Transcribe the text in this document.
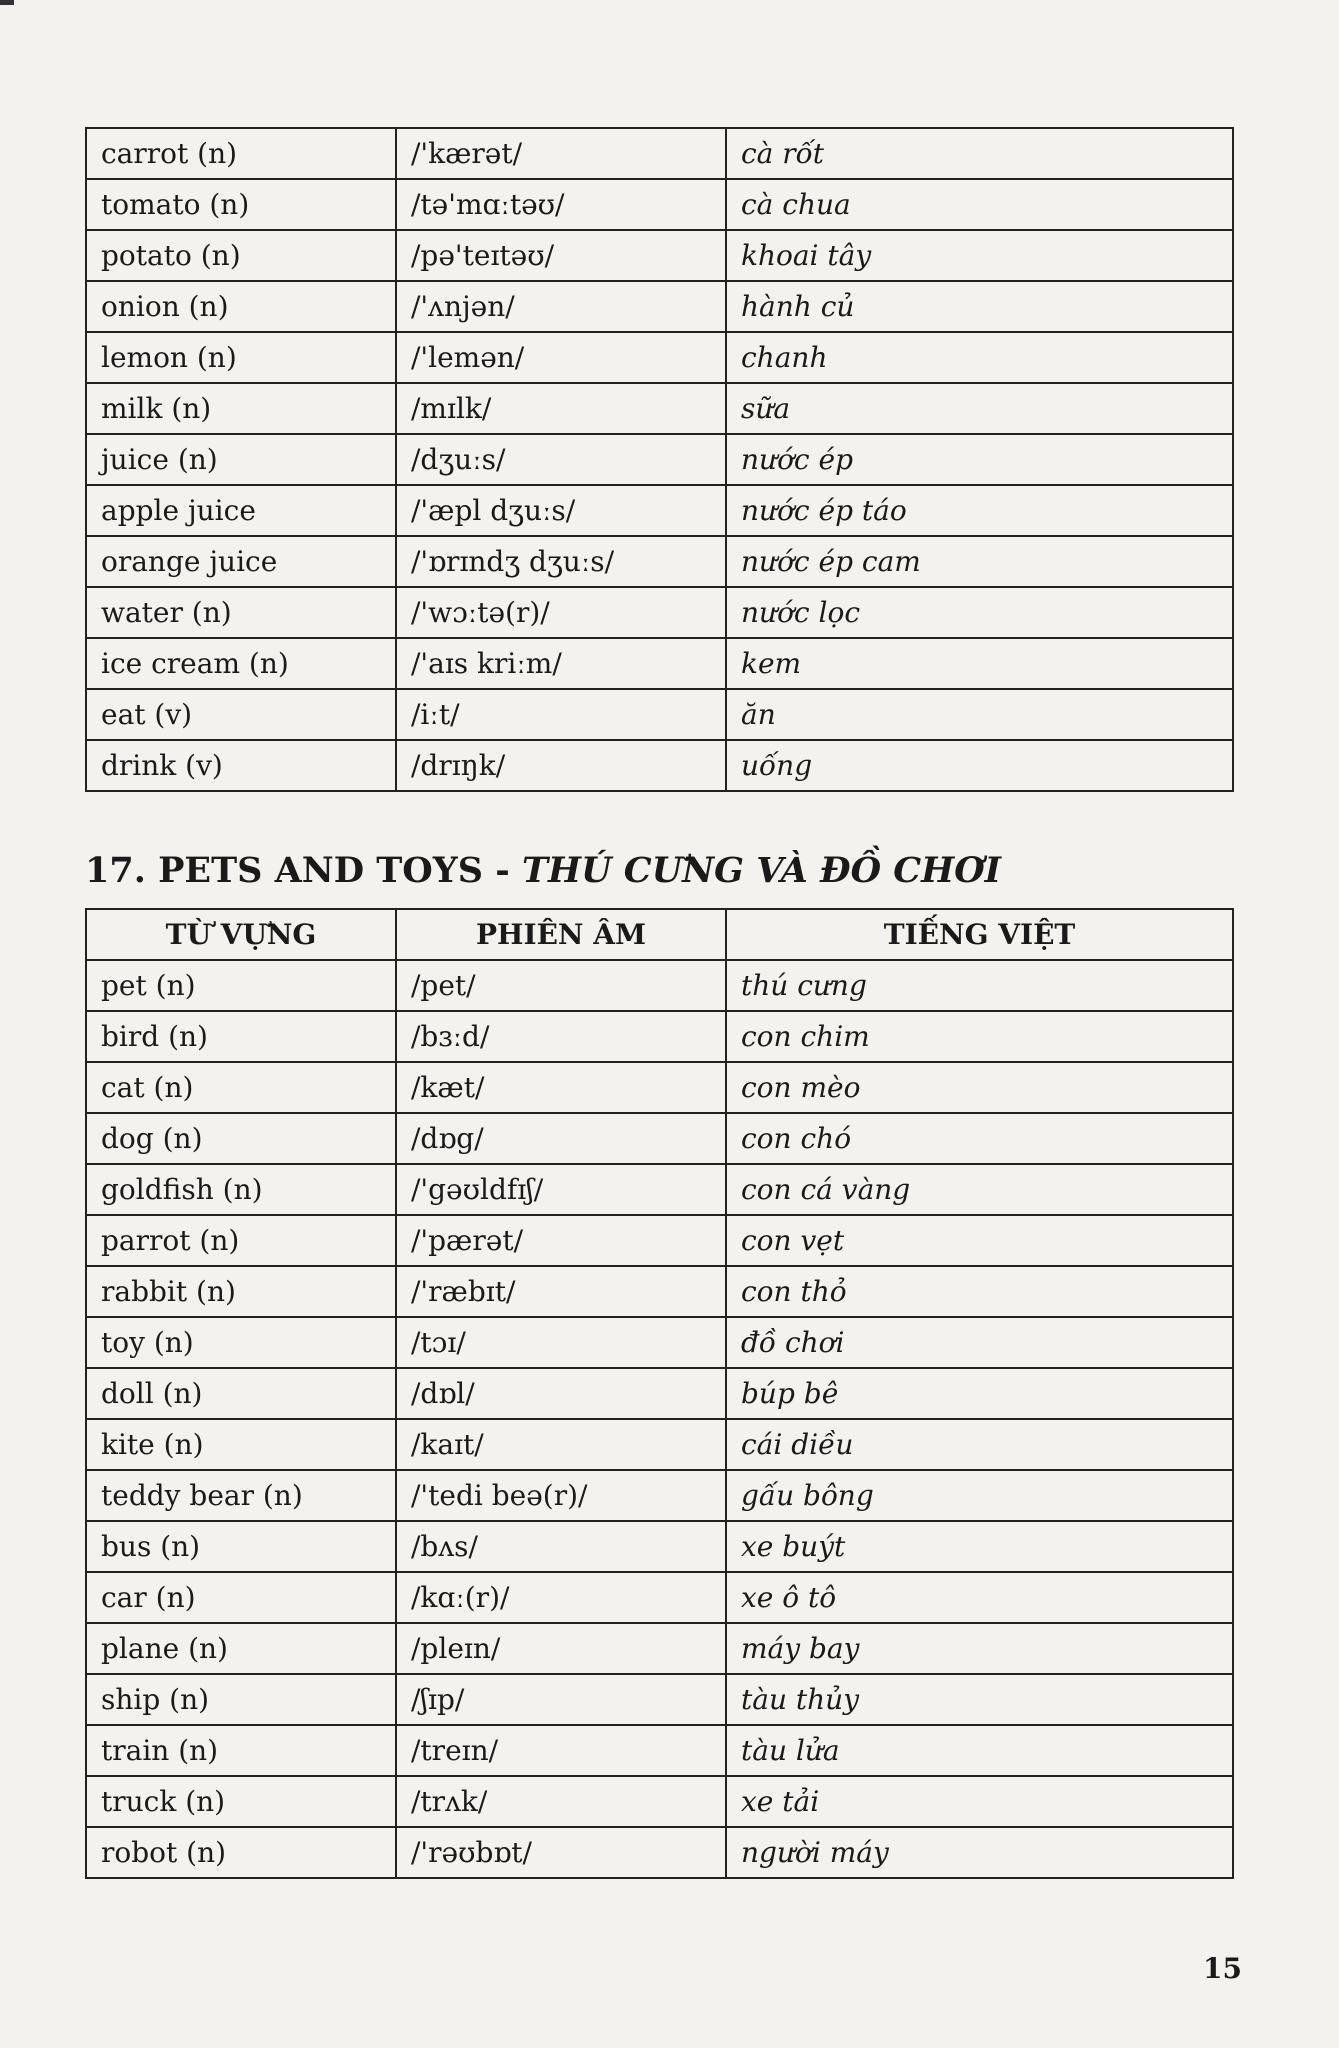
carrot (n)	/'kærət/	cà rốt
tomato (n)	/tə'mɑːtəʊ/	cà chua
potato (n)	/pə'teɪtəʊ/	khoai tây
onion (n)	/'ʌnjən/	hành củ
lemon (n)	/'lemən/	chanh
milk (n)	/mɪlk/	sữa
juice (n)	/dʒuːs/	nước ép
apple juice	/'æpl dʒuːs/	nước ép táo
orange juice	/'ɒrɪndʒ dʒuːs/	nước ép cam
water (n)	/'wɔːtə(r)/	nước lọc
ice cream (n)	/'aɪs kriːm/	kem
eat (v)	/iːt/	ăn
drink (v)	/drɪŋk/	uống
17. PETS AND TOYS - THÚ CƯNG VÀ ĐỒ CHƠI
TỪ VỰNG	PHIÊN ÂM	TIẾNG VIỆT
pet (n)	/pet/	thú cưng
bird (n)	/bɜːd/	con chim
cat (n)	/kæt/	con mèo
dog (n)	/dɒg/	con chó
goldfish (n)	/'gəʊldfɪʃ/	con cá vàng
parrot (n)	/'pærət/	con vẹt
rabbit (n)	/'ræbɪt/	con thỏ
toy (n)	/tɔɪ/	đồ chơi
doll (n)	/dɒl/	búp bê
kite (n)	/kaɪt/	cái diều
teddy bear (n)	/'tedi beə(r)/	gấu bông
bus (n)	/bʌs/	xe buýt
car (n)	/kɑː(r)/	xe ô tô
plane (n)	/pleɪn/	máy bay
ship (n)	/ʃɪp/	tàu thủy
train (n)	/treɪn/	tàu lửa
truck (n)	/trʌk/	xe tải
robot (n)	/'rəʊbɒt/	người máy
15
